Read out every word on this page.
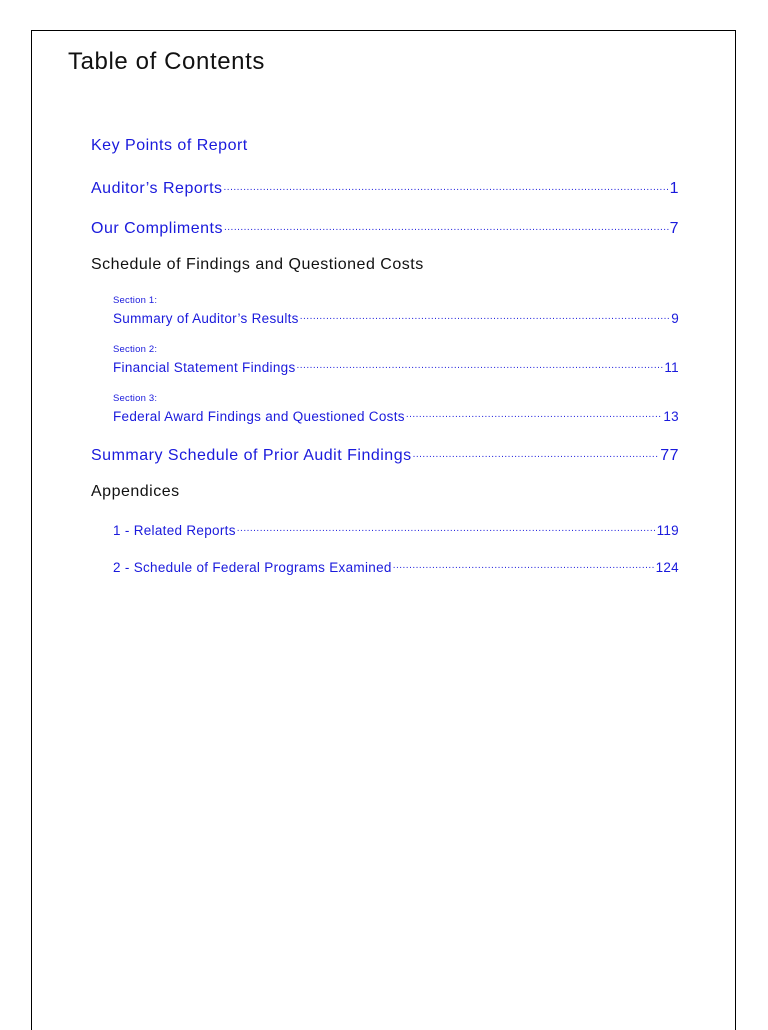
Table of Contents
Key Points of Report
Auditor’s Reports .....	1
Our Compliments .....	7
Schedule of Findings and Questioned Costs
Section 1:
Summary of Auditor’s Results .....	9
Section 2:
Financial Statement Findings .....	11
Section 3:
Federal Award Findings and Questioned Costs .....	13
Summary Schedule of Prior Audit Findings .....	77
Appendices
1 - Related Reports .....	119
2 - Schedule of Federal Programs Examined .....	124
